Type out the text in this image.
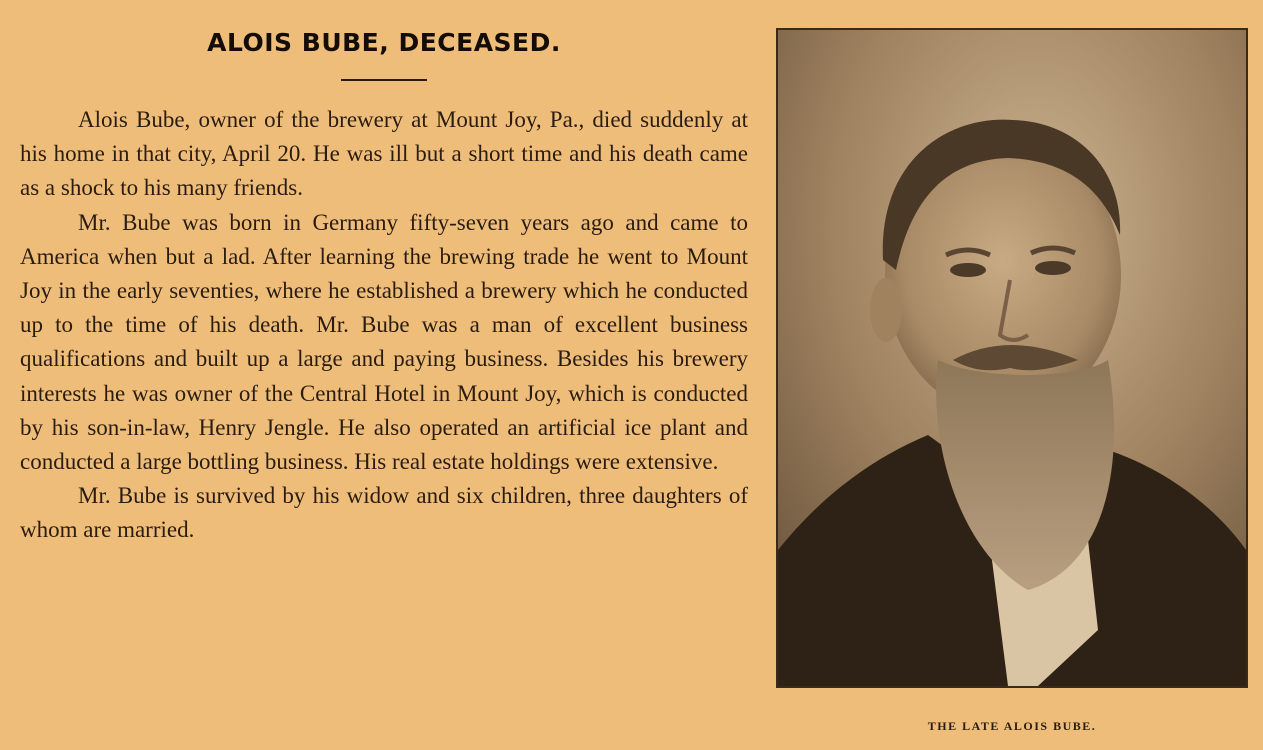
ALOIS BUBE, DECEASED.

Alois Bube, owner of the brewery at Mount Joy, Pa., died suddenly at his home in that city, April 20. He was ill but a short time and his death came as a shock to his many friends.

Mr. Bube was born in Germany fifty-seven years ago and came to America when but a lad. After learning the brewing trade he went to Mount Joy in the early seventies, where he established a brewery which he conducted up to the time of his death. Mr. Bube was a man of excellent business qualifications and built up a large and paying business. Besides his brewery interests he was owner of the Central Hotel in Mount Joy, which is conducted by his son-in-law, Henry Jengle. He also operated an artificial ice plant and conducted a large bottling business. His real estate holdings were extensive.

Mr. Bube is survived by his widow and six children, three daughters of whom are married.

THE LATE ALOIS BUBE.
